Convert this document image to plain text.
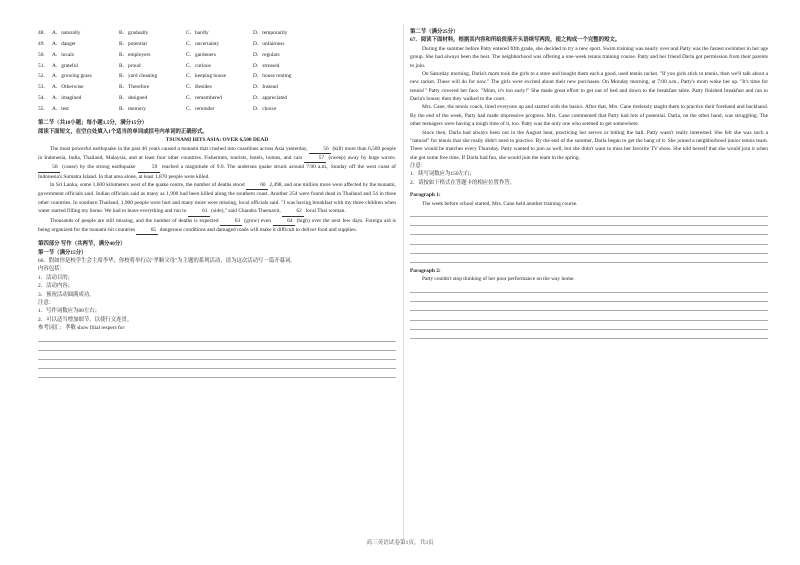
48.	A．naturally	B．gradually	C．hardly	D．temporarily
49.	A．danger	B．potential	C．uncertainty	D．unfairness
50.	A．locals	B．employers	C．gardeners	D．regulars
51.	A．grateful	B．proud	C．curious	D．stressed
52.	A．growing grass	B．yard cleaning	C．keeping house	D．house renting
53.	A．Otherwise	B．Therefore	C．Besides	D．Instead
54.	A．imagined	B．designed	C．remembered	D．appreciated
55.	A．test	B．memory	C．reminder	D．choice
第二节（共10小题；每小题1.5分，满分15分）
阅读下面短文，在空白处填入1个适当的单词或括号内单词的正确形式。
TSUNAMI HITS ASIA: OVER 6,500 DEAD

The most powerful earthquake in the past 40 years caused a tsunami that crashed into coastlines across Asia yesterday,	56 (kill) more than 6,500 people in Indonesia, India, Thailand, Malaysia, and at least four other countries. Fishermen, tourists, hotels, homes, and cars	57 (sweep) away by huge waves. 58 (cause) by the strong earthquake	59 reached a magnitude of 9.0. The undersea quake struck around 7:00 a.m., Sunday off the west coast of Indonesia's Sumatra Island. In that area alone, at least 1,870 people were killed.

In Sri Lanka, some 1,600 kilometers west of the quake centre, the number of deaths stood	60 2,498, and one million more were affected by the tsunami, government officials said. Indian officials said as many as 1,900 had been killed along the southern coast. Another 254 were found dead in Thailand and 54 in three other countries. In southern Thailand, 1,900 people were hurt and many more were missing, local officials said. "I was having breakfast with my three children when water started filling my home. We had to leave everything and run to	61 (side)," said Chandra Theenavit,	62 local Thai woman.

Thousands of people are still missing, and the number of deaths is expected	63 (grow) even	64 (high) over the next few days. Foreign aid is being organized for the tsunami-hit countries	65 dangerous conditions and damaged roads will make it difficult to deliver food and supplies.

第四部分 写作（共两节，满分40分）
第一节（满分15分）
66．假如你是校学生会主席李华，你校将举行以"孝顺父母"为主题的系列活动，请为这次活动写一篇开幕词。
内容包括：
1．活动目的；
2．活动内容；
3．预祝活动圆满成功。
注意：
1．写作词数应为80左右；
2．可以适当增加细节，以使行文连贯。
参考词汇：孝敬 show filial respect for
第二节（满分25分）
67．阅读下面材料，根据其内容和所给段落开头语续写两段，使之构成一个完整的短文。

During the summer before Patty entered fifth grade, she decided to try a new sport. Swim training was nearly over and Patty was the fastest swimmer in her age group. She had always been the best. The neighborhood was offering a one-week tennis training course. Patty and her friend Darla got permission from their parents to join.

On Saturday morning, Darla's mom took the girls to a store and bought them each a good, used tennis racket. "If you girls stick to tennis, then we'll talk about a new racket. These will do for now." The girls were excited about their new purchases. On Monday morning, at 7:00 a.m., Patty's mom woke her up. "It's time for tennis!" Patty covered her face. "Mom, it's too early!" She made great effort to get out of bed and down to the breakfast table. Patty finished breakfast and ran to Darla's house; then they walked to the court.

Mrs. Cane, the tennis coach, lined everyone up and started with the basics. After that, Mrs. Cane tirelessly taught them to practice their forehand and backhand. By the end of the week, Patty had made impressive progress. Mrs. Cane commented that Patty had lots of potential. Darla, on the other hand, was struggling. The other teenagers were having a tough time of it, too. Patty was the only one who seemed to get somewhere.

Since then, Darla had always been out in the August heat, practicing her serves or hitting the ball. Patty wasn't really interested. She felt she was such a "natural" for tennis that she really didn't need to practice. By the end of the summer, Darla began to get the hang of it. She joined a neighborhood junior tennis team. There would be matches every Thursday. Patty wanted to join as well, but she didn't want to miss her favorite TV show. She told herself that she would join it when she got some free time. If Darla had fun, she would join the team in the spring.

注意：
1．续写词数应为150左右；
2．请按如下格式在答题卡的相应位置作答。
Paragraph 1:
The week before school started, Mrs. Cane held another training course.
Paragraph 2:
Patty couldn't stop thinking of her poor performance on the way home.
高三英语试卷第1页，共3页
